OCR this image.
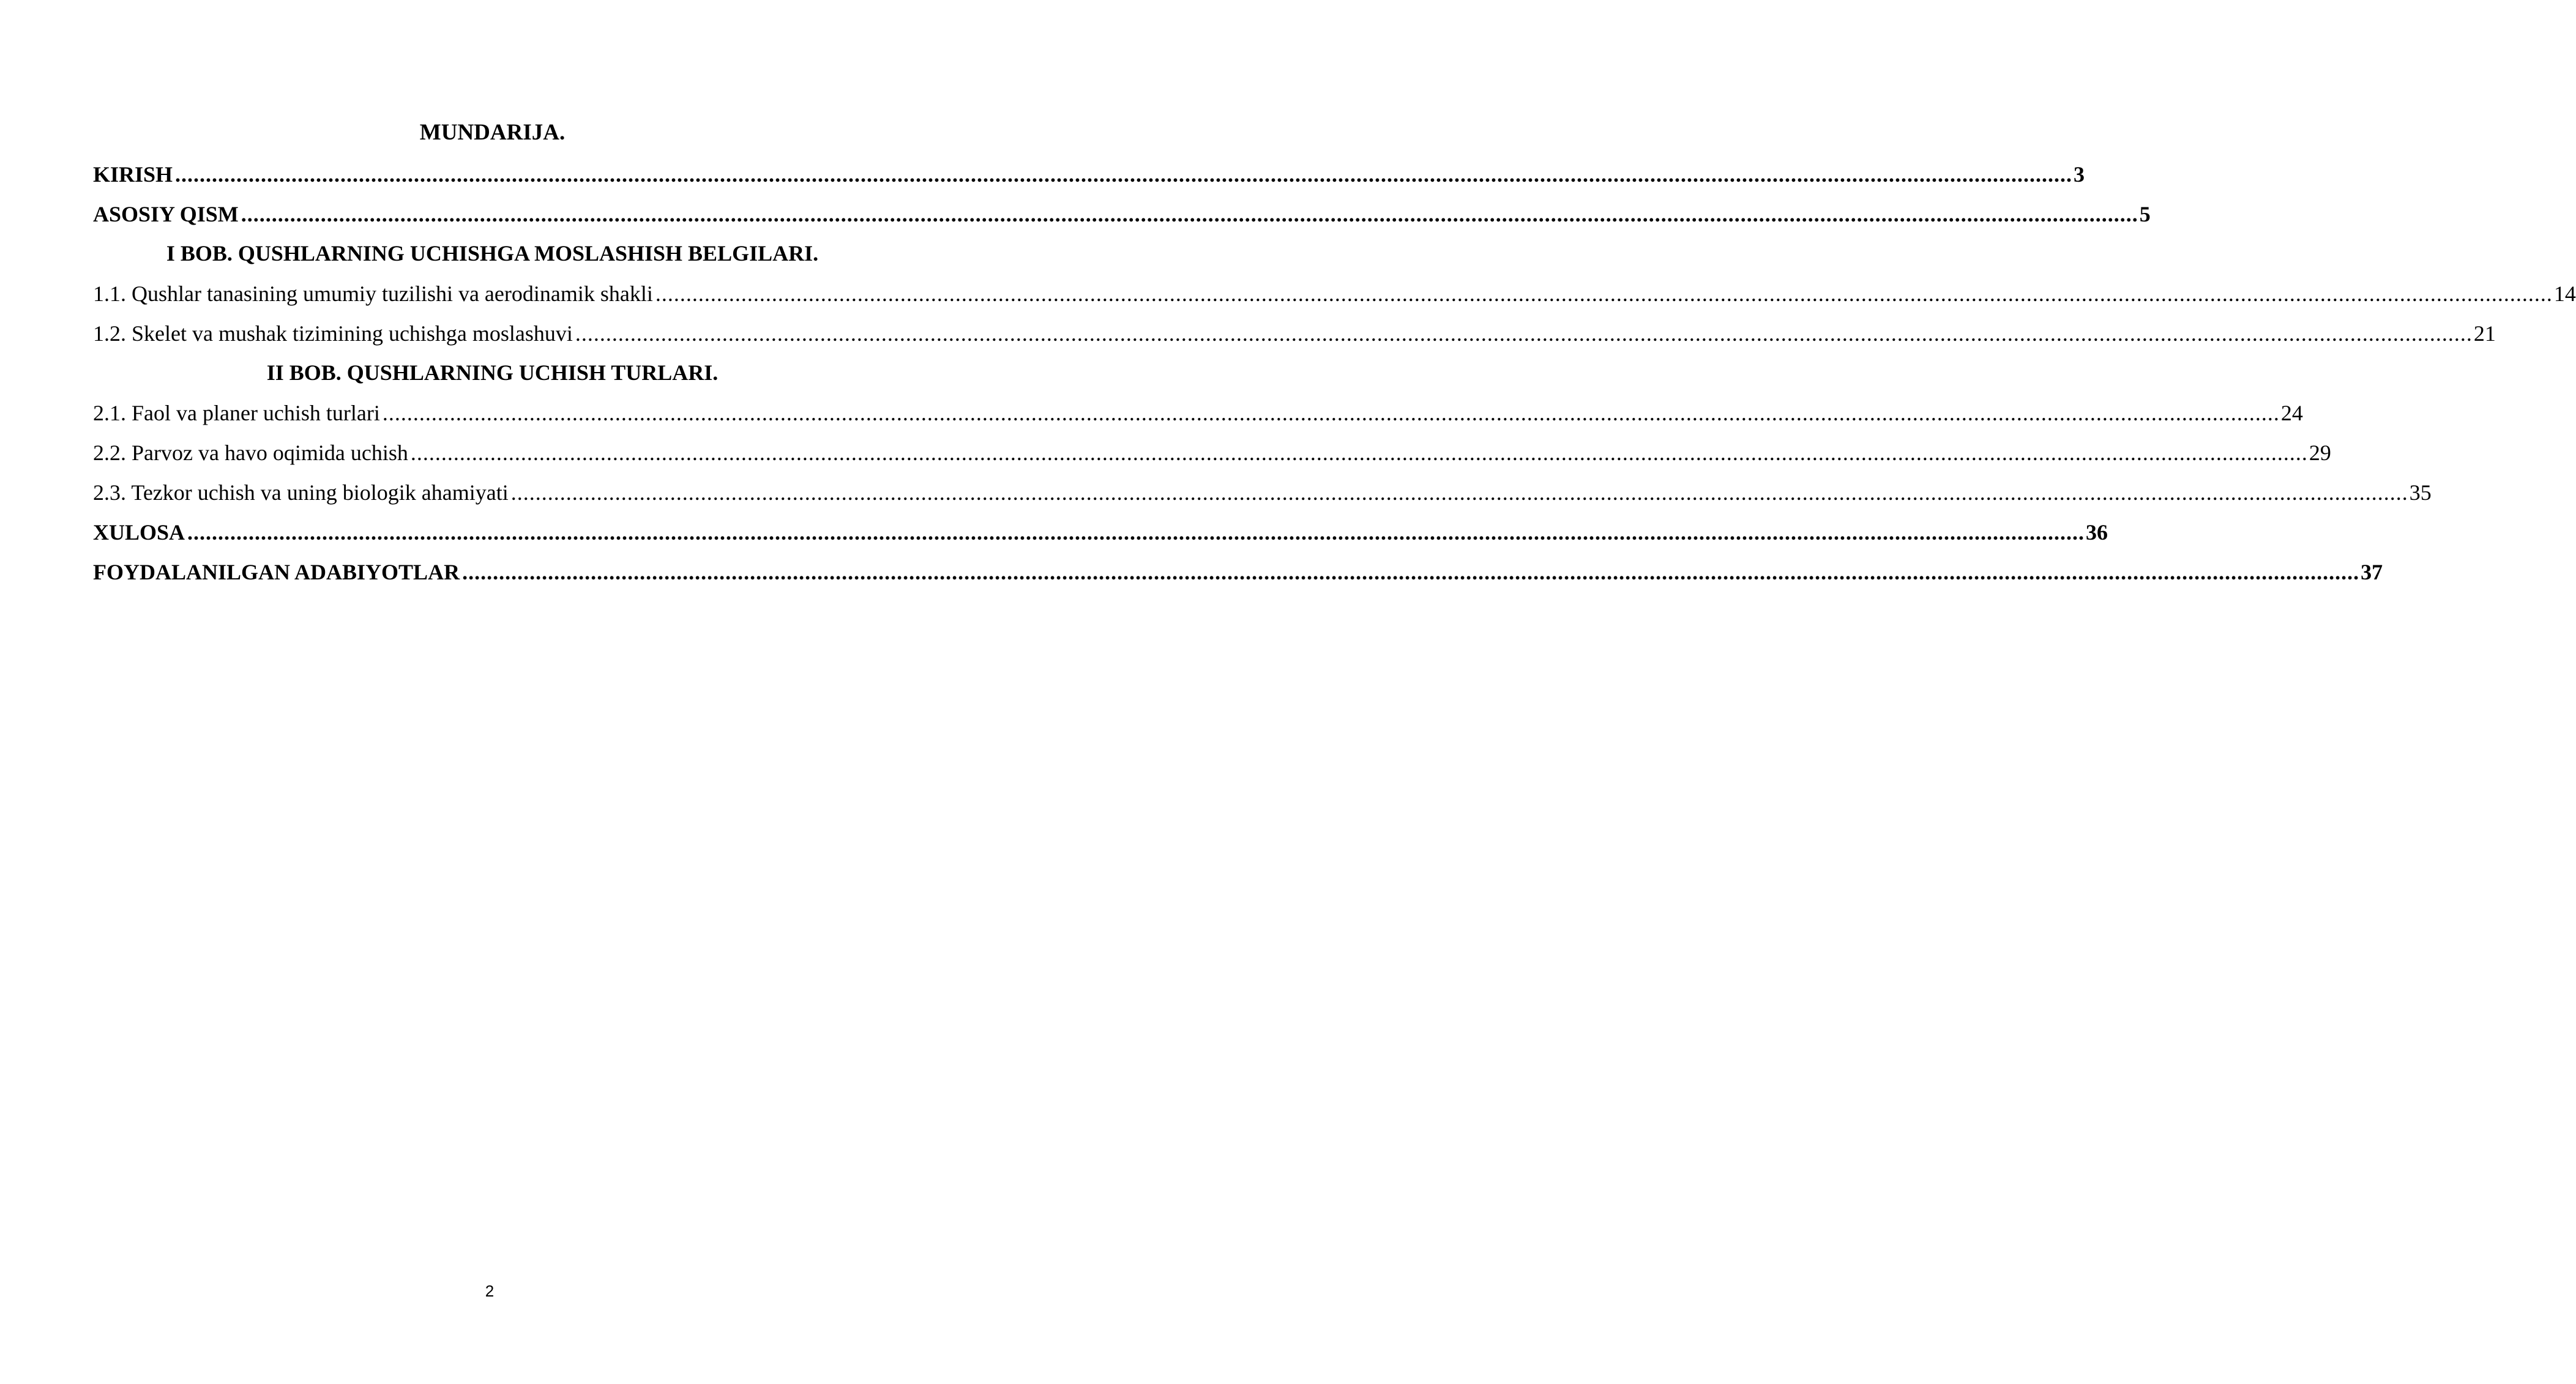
MUNDARIJA.
KIRISH ...................................................................................................................................................................................................................................................................................................................... 3
ASOSIY QISM ...................................................................................................................................................................................................................................................................................................................... 5
I BOB. QUSHLARNING UCHISHGA MOSLASHISH BELGILARI.
1.1. Qushlar tanasining umumiy tuzilishi va aerodinamik shakli ...................................................................................................................................................................................................................................................................................................................... 14
1.2. Skelet va mushak tizimining uchishga moslashuvi ...................................................................................................................................................................................................................................................................................................................... 21
II BOB. QUSHLARNING UCHISH TURLARI.
2.1. Faol va planer uchish turlari ...................................................................................................................................................................................................................................................................................................................... 24
2.2. Parvoz va havo oqimida uchish ...................................................................................................................................................................................................................................................................................................................... 29
2.3. Tezkor uchish va uning biologik ahamiyati ...................................................................................................................................................................................................................................................................................................................... 35
XULOSA ...................................................................................................................................................................................................................................................................................................................... 36
FOYDALANILGAN ADABIYOTLAR ...................................................................................................................................................................................................................................................................................................................... 37
2
